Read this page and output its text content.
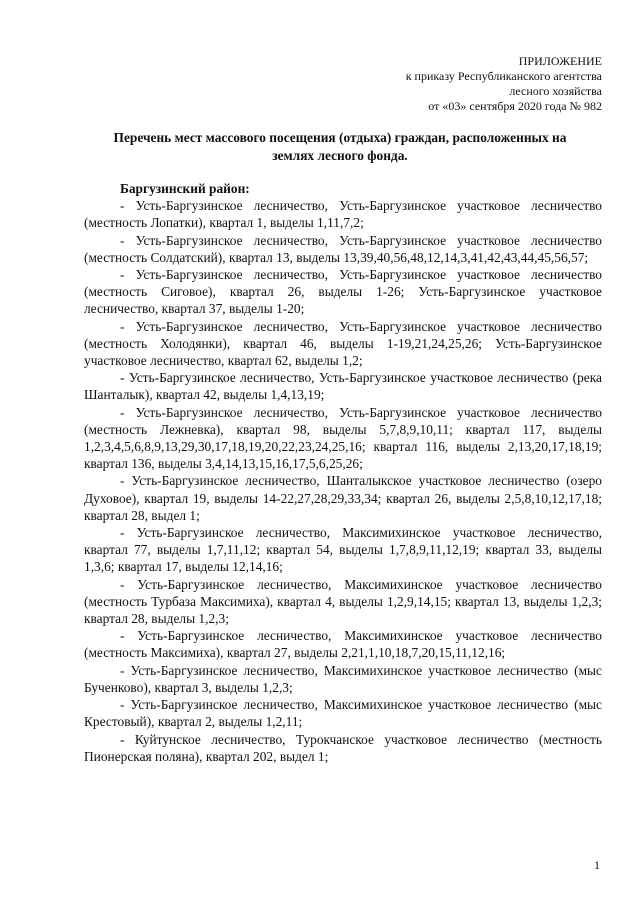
ПРИЛОЖЕНИЕ
к приказу Республиканского агентства
лесного хозяйства
от «03» сентября 2020 года № 982
Перечень мест массового посещения (отдыха) граждан, расположенных на
землях лесного фонда.

Баргузинский район:

- Усть-Баргузинское лесничество, Усть-Баргузинское участковое лесничество (местность Лопатки), квартал 1, выделы 1,11,7,2;

- Усть-Баргузинское лесничество, Усть-Баргузинское участковое лесничество (местность Солдатский), квартал 13, выделы 13,39,40,56,48,12,14,3,41,42,43,44,45,56,57;

- Усть-Баргузинское лесничество, Усть-Баргузинское участковое лесничество (местность Сиговое), квартал 26, выделы 1-26; Усть-Баргузинское участковое лесничество, квартал 37, выделы 1-20;

- Усть-Баргузинское лесничество, Усть-Баргузинское участковое лесничество (местность Холодянки), квартал 46, выделы 1-19,21,24,25,26; Усть-Баргузинское участковое лесничество, квартал 62, выделы 1,2;

- Усть-Баргузинское лесничество, Усть-Баргузинское участковое лесничество (река Шанталык), квартал 42, выделы 1,4,13,19;

- Усть-Баргузинское лесничество, Усть-Баргузинское участковое лесничество (местность Лежневка), квартал 98, выделы 5,7,8,9,10,11; квартал 117, выделы 1,2,3,4,5,6,8,9,13,29,30,17,18,19,20,22,23,24,25,16; квартал 116, выделы 2,13,20,17,18,19; квартал 136, выделы 3,4,14,13,15,16,17,5,6,25,26;

- Усть-Баргузинское лесничество, Шанталыкское участковое лесничество (озеро Духовое), квартал 19, выделы 14-22,27,28,29,33,34; квартал 26, выделы 2,5,8,10,12,17,18; квартал 28, выдел 1;

- Усть-Баргузинское лесничество, Максимихинское участковое лесничество, квартал 77, выделы 1,7,11,12; квартал 54, выделы 1,7,8,9,11,12,19; квартал 33, выделы 1,3,6; квартал 17, выделы 12,14,16;

- Усть-Баргузинское лесничество, Максимихинское участковое лесничество (местность Турбаза Максимиха), квартал 4, выделы 1,2,9,14,15; квартал 13, выделы 1,2,3; квартал 28, выделы 1,2,3;

- Усть-Баргузинское лесничество, Максимихинское участковое лесничество (местность Максимиха), квартал 27, выделы 2,21,1,10,18,7,20,15,11,12,16;

- Усть-Баргузинское лесничество, Максимихинское участковое лесничество (мыс Бученково), квартал 3, выделы 1,2,3;

- Усть-Баргузинское лесничество, Максимихинское участковое лесничество (мыс Крестовый), квартал 2, выделы 1,2,11;

- Куйтунское лесничество, Турокчанское участковое лесничество (местность Пионерская поляна), квартал 202, выдел 1;

1
